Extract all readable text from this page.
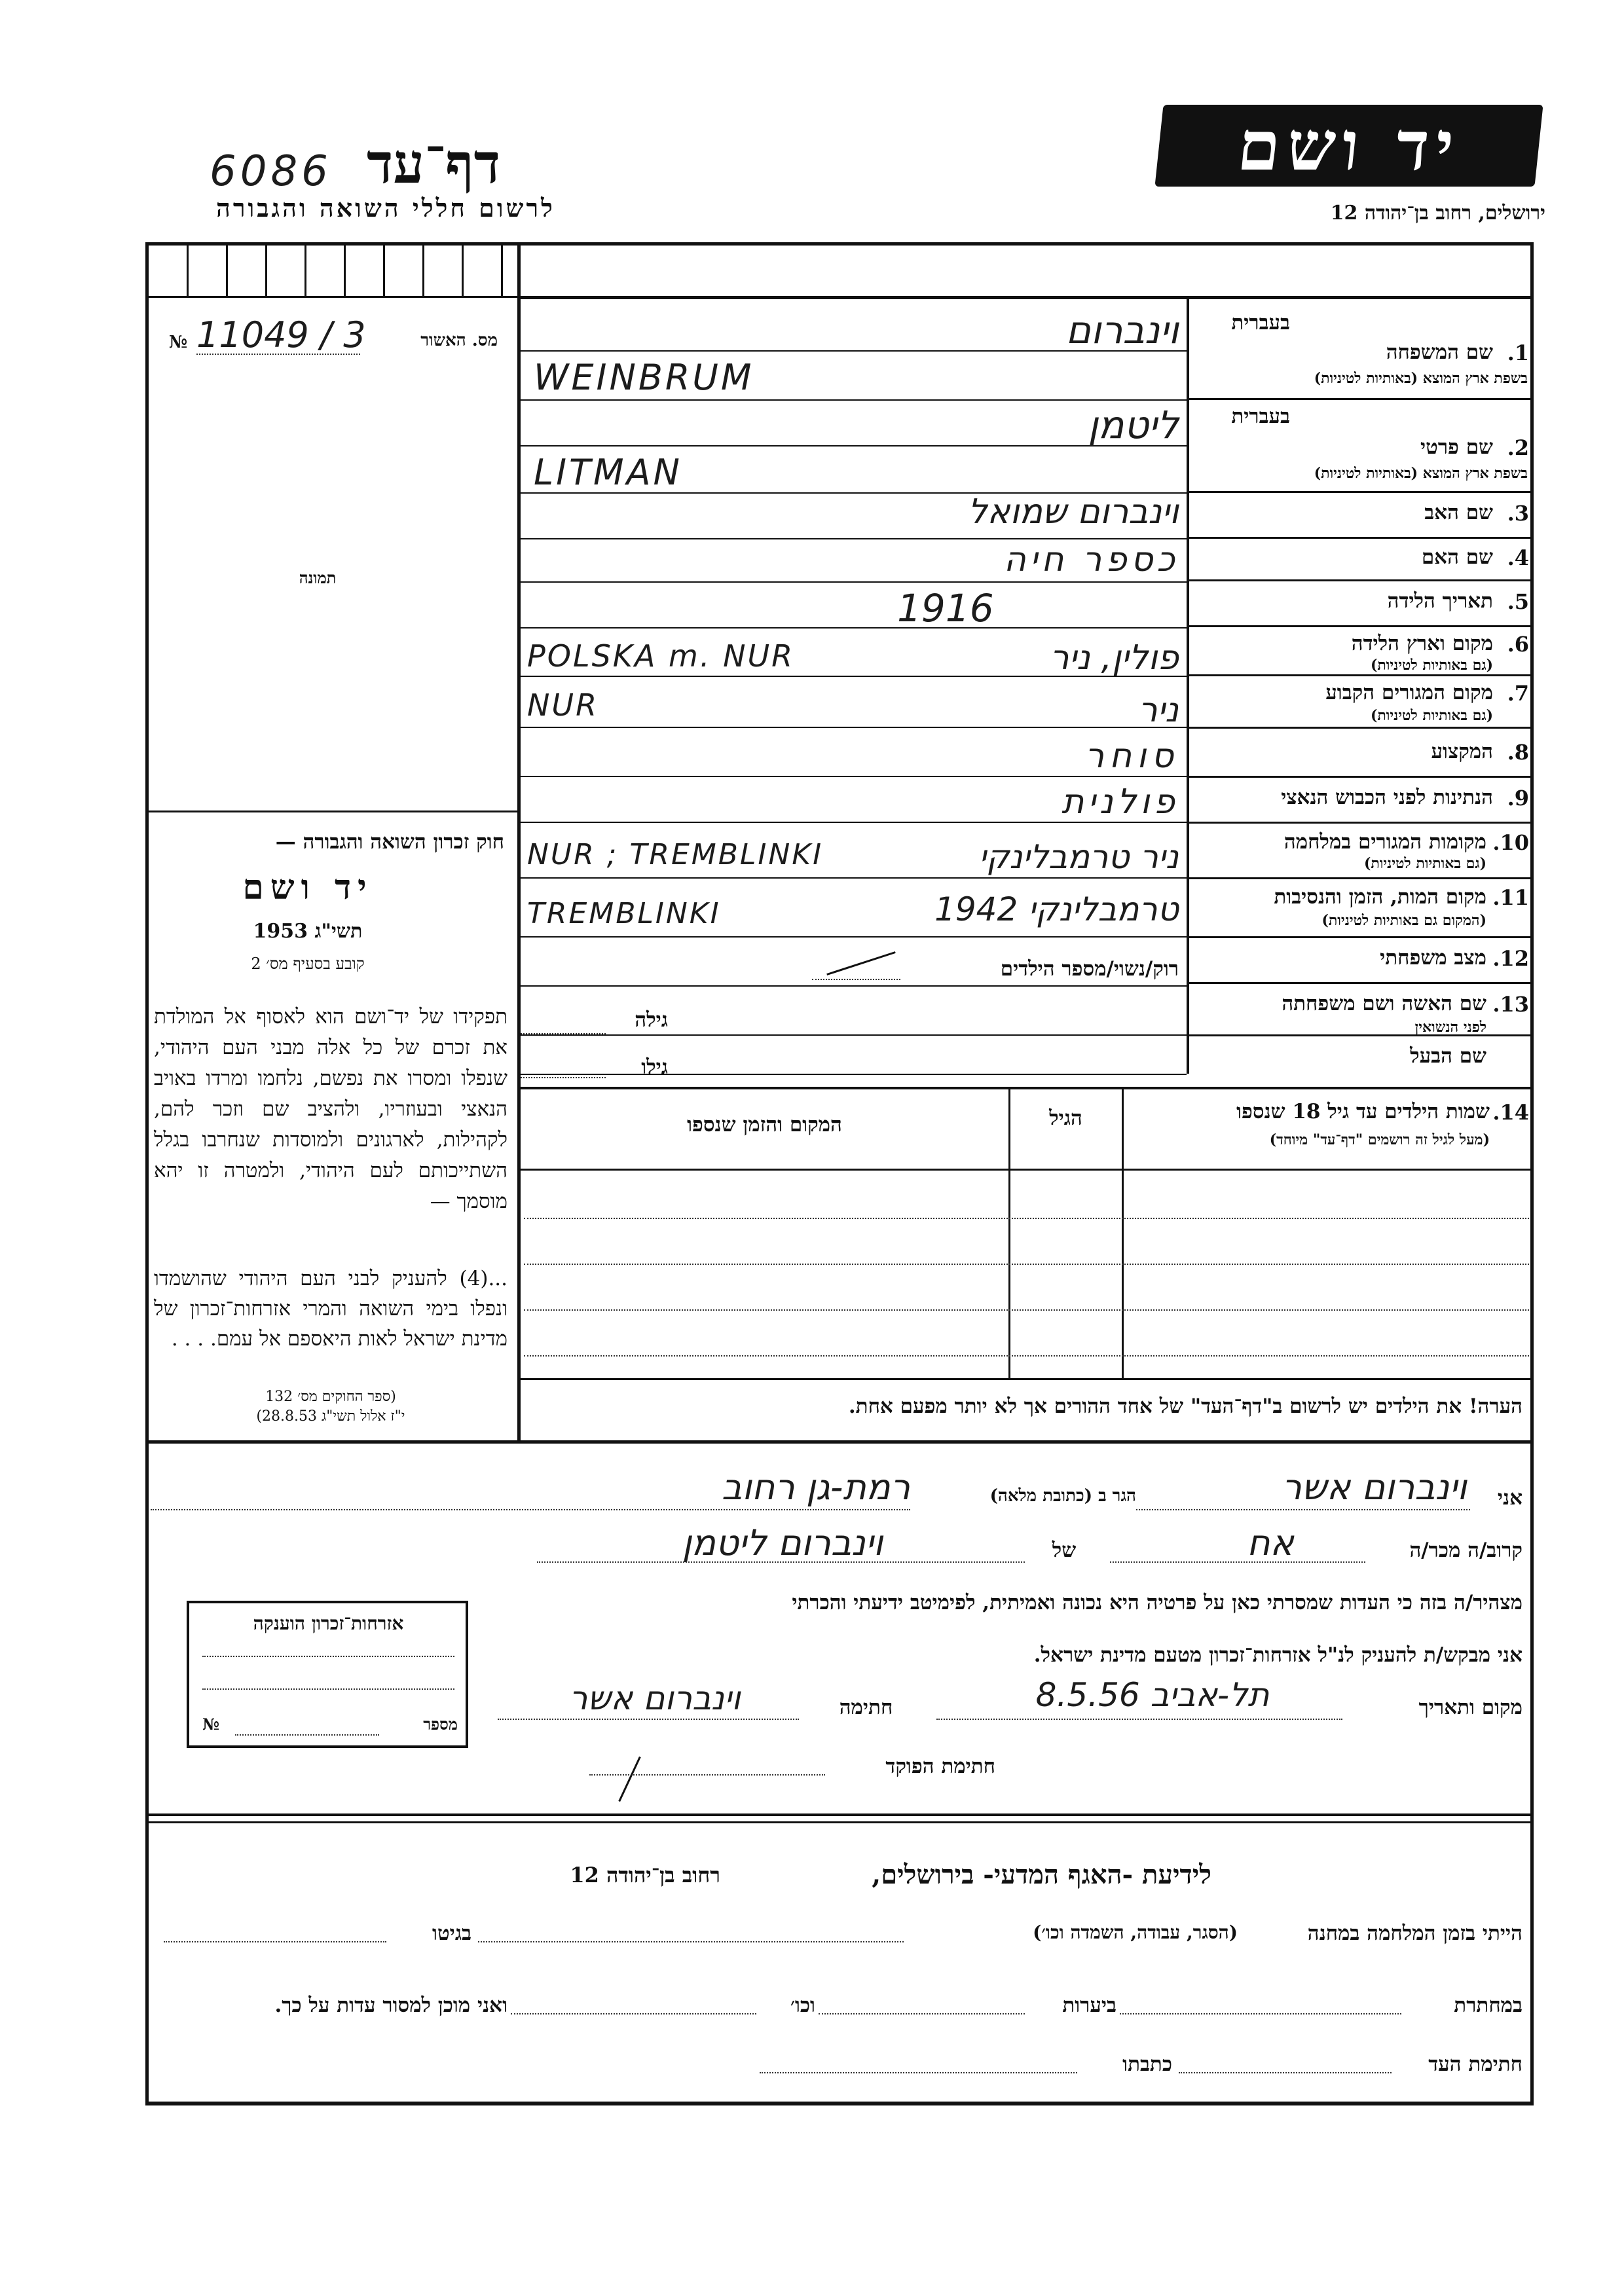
6086 דף־עד
לרשום חללי השואה והגבורה
יד ושם
ירושלים, רחוב בן־יהודה 12
№ 11049 / 3	מס. האשור
תמונה
חוק זכרון השואה והגבורה —
יד ושם
תשי"ג 1953
קובע בסעיף מס׳ 2
תפקידו של יד־ושם הוא לאסוף אל המולדת את זכרם של כל אלה מבני העם היהודי, שנפלו ומסרו את נפשם, נלחמו ומרדו באויב הנאצי ובעוזריו, ולהציב שם וזכר להם, לקהילות, לארגונים ולמוסדות שנחרבו בגלל השתייכותם לעם היהודי, ולמטרה זו יהא מוסמך —
...(4) להעניק לבני העם היהודי שהושמדו ונפלו בימי השואה והמרי אזרחות־זכרון של מדינת ישראל לאות היאספם אל עמם. . . .
(ספר החוקים מס׳ 132
י"ז אלול תשי"ג 28.8.53)
1.
שם המשפחה
בעברית
בשפת ארץ המוצא (באותיות לטיניות)
וינברום
WEINBRUM
2.
שם פרטי
בעברית
בשפת ארץ המוצא (באותיות לטיניות)
ליטמן
LITMAN
3.
שם האב
וינברום שמואל
4.
שם האם
כספר חיה
5.
תאריך הלידה
1916
6.
מקום וארץ הלידה
(גם באותיות לטיניות)
פולין, ניר
POLSKA m. NUR
7.
מקום המגורים הקבוע
(גם באותיות לטיניות)
ניר
NUR
8.
המקצוע
סוחר
9.
הנתינות לפני הכבוש הנאצי
פולנית
10.
מקומות המגורים במלחמה
(גם באותיות לטיניות)
ניר טרמבלינקי
NUR ; TREMBLINKI
11.
מקום המות, הזמן והנסיבות
(המקום גם באותיות לטיניות)
טרמבלינקי 1942
TREMBLINKI
12.
מצב משפחתי
רוק/נשוי/מספר הילדים
13.
שם האשה ושם משפחתה
לפני הנשואין
גילה
שם הבעל
גילו
14.
שמות הילדים עד גיל 18 שנספו
(מעל לגיל זה רושמים "דף־עד" מיוחד)
הגיל
המקום והזמן שנספו
הערה! את הילדים יש לרשום ב"דף־העד" של אחד ההורים אך לא יותר מפעם אחת.
אני
וינברום אשר
הגר ב (כתובת מלאה)
רמת-גן רחוב
קרוב/ה מכר/ה
אח
של
וינברום ליטמן
מצהיר/ה בזה כי העדות שמסרתי כאן על פרטיה היא נכונה ואמיתית, לפימיטב ידיעתי והכרתי
אני מבקש/ת להעניק לנ"ל אזרחות־זכרון מטעם מדינת ישראל.
מקום ותאריך
תל-אביב 8.5.56
חתימה
וינברום אשר
חתימת הפוקד
אזרחות־זכרון הוענקה
מספר
№
לידיעת -האגף המדעי- בירושלים,
רחוב בן־יהודה 12
הייתי בזמן המלחמה במחנה
(הסגר, עבודה, השמדה וכו׳)
בגיטו
במחתרת
ביערות
וכו׳
ואני מוכן למסור עדות על כך.
חתימת העד
כתבתו
